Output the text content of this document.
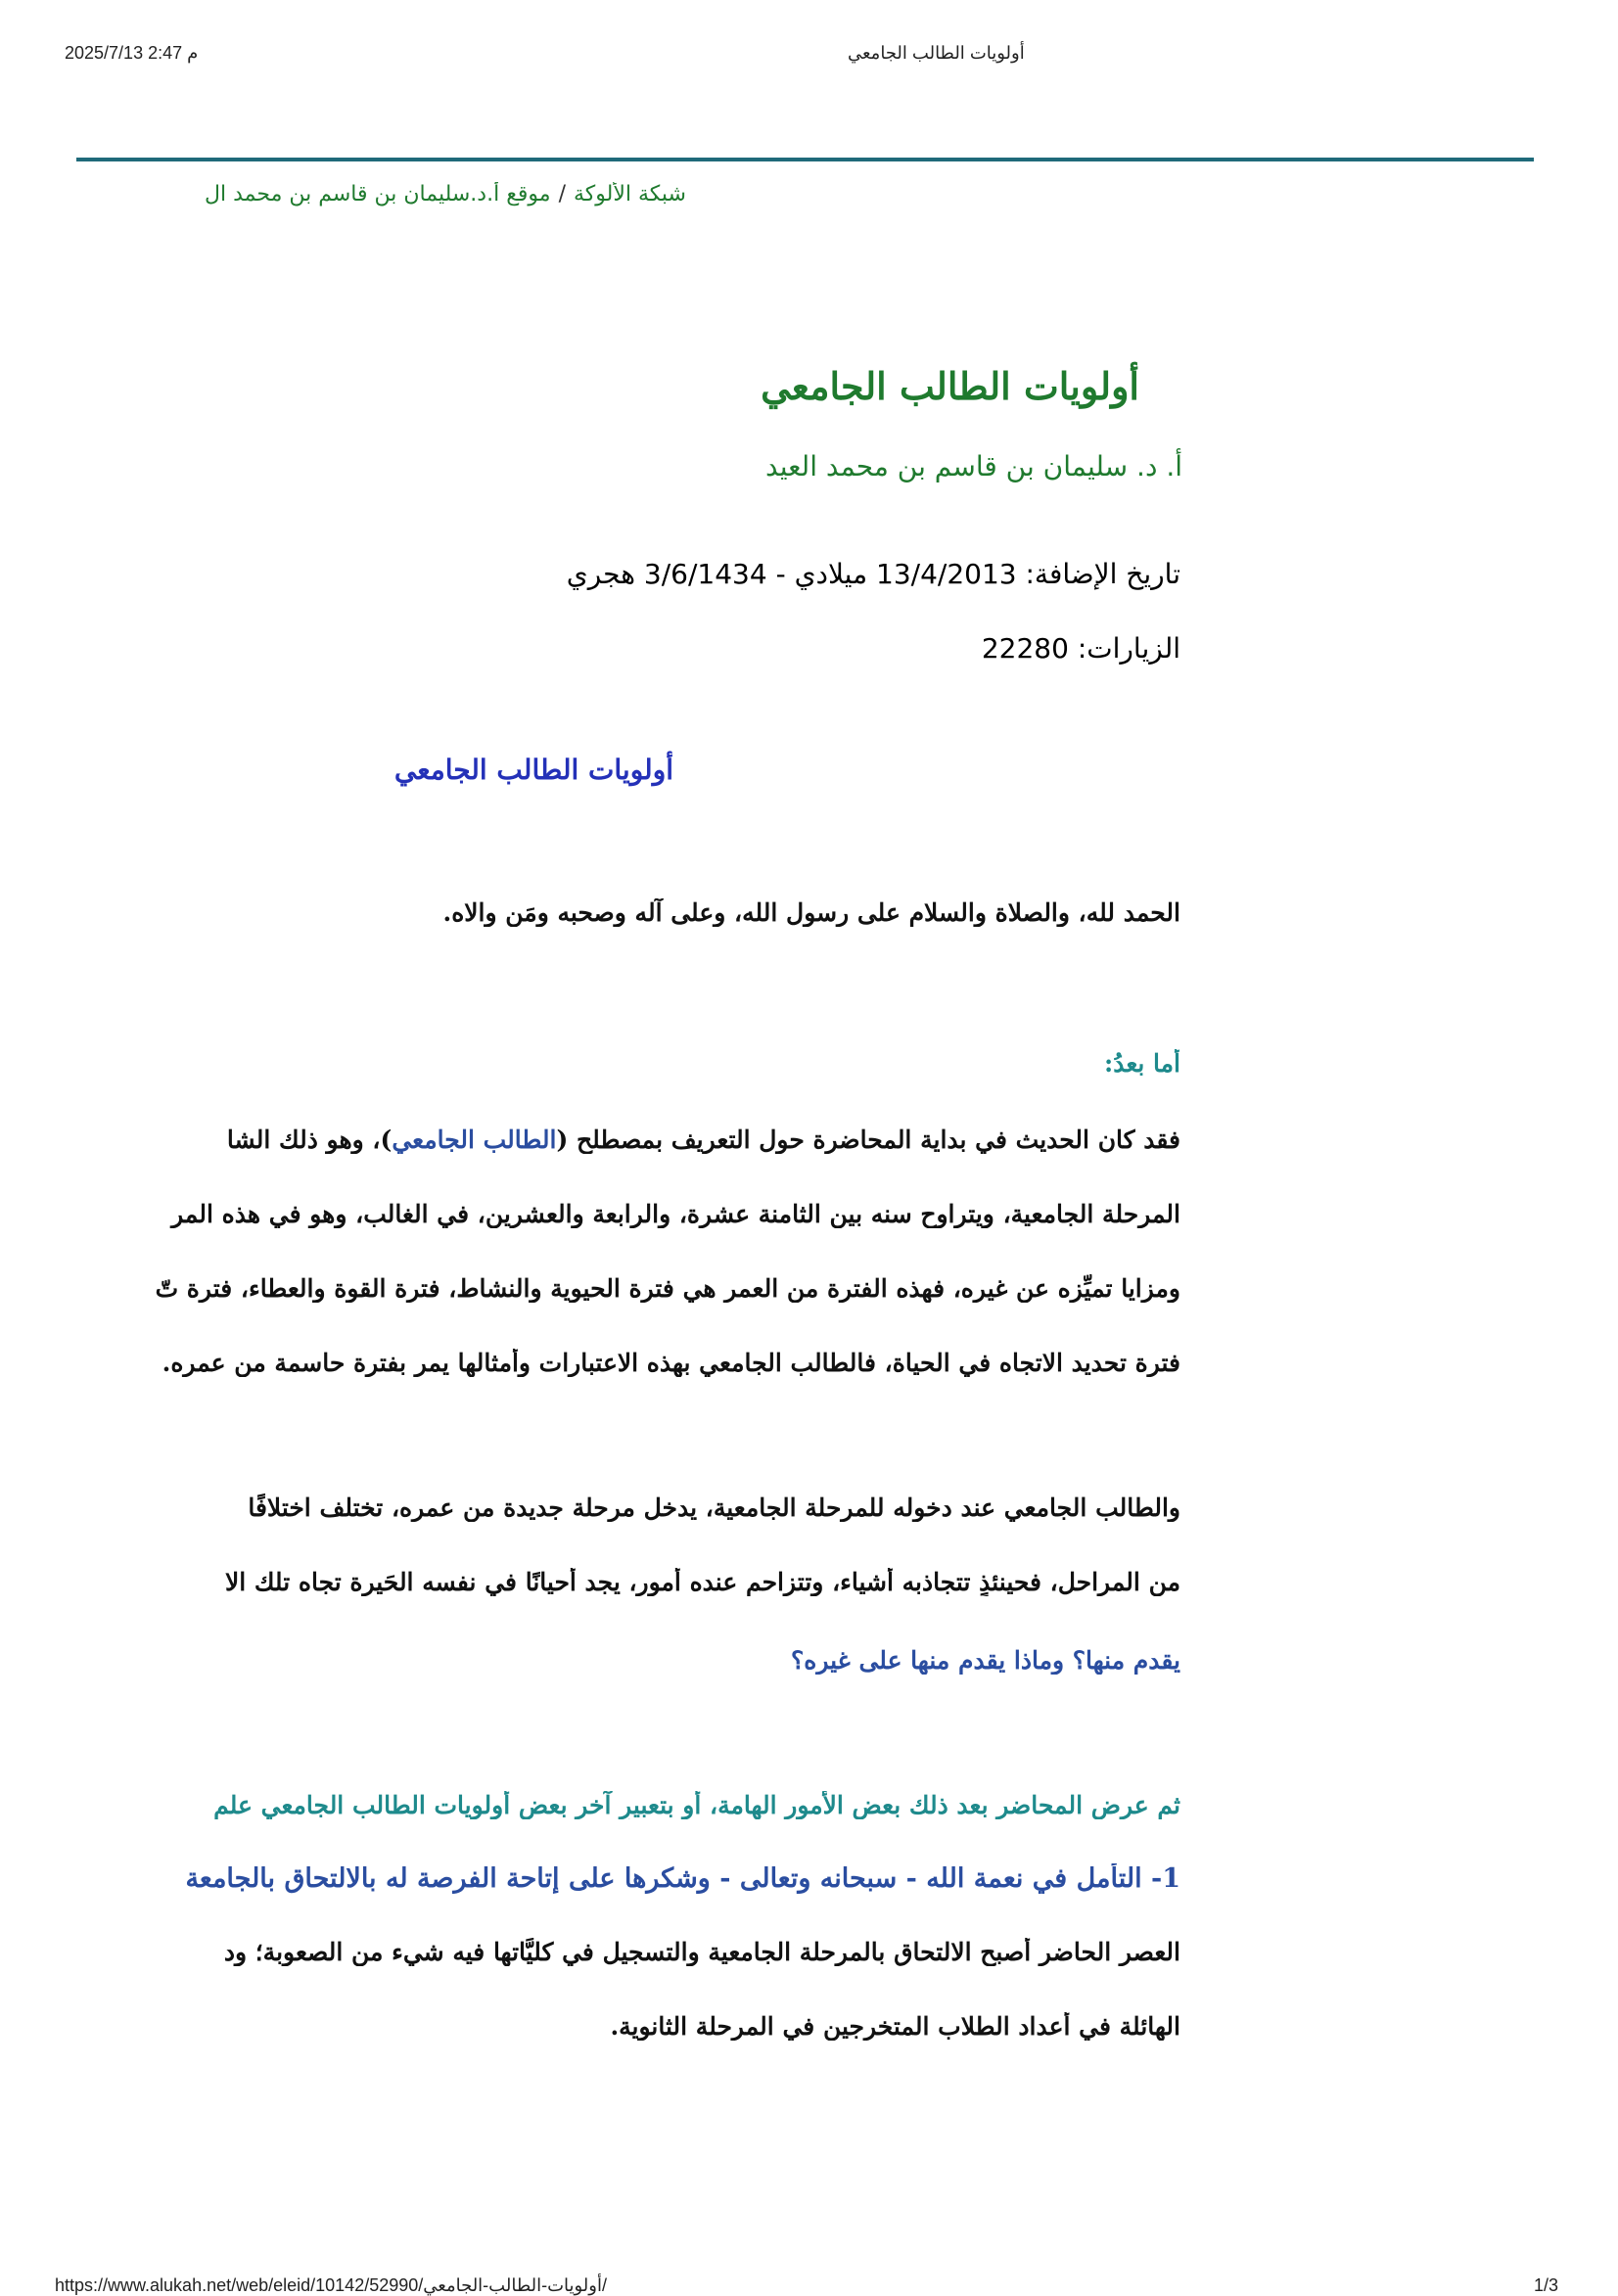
2025/7/13 2:47 م	أولويات الطالب الجامعي
شبكة الألوكة/موقع أ.د.سليمان بن قاسم بن محمد ال
أولويات الطالب الجامعي
أ. د. سليمان بن قاسم بن محمد العيد
تاريخ الإضافة: 13/4/2013 ميلادي - 3/6/1434 هجري
الزيارات: 22280
أولويات الطالب الجامعي
الحمد لله، والصلاة والسلام على رسول الله، وعلى آله وصحبه ومَن والاه.
أما بعدُ:
فقد كان الحديث في بداية المحاضرة حول التعريف بمصطلح (الطالب الجامعي)، وهو ذلك الشا
المرحلة الجامعية، ويتراوح سنه بين الثامنة عشرة، والرابعة والعشرين، في الغالب، وهو في هذه المر
ومزايا تميِّزه عن غيره، فهذه الفترة من العمر هي فترة الحيوية والنشاط، فترة القوة والعطاء، فترة تّ
فترة تحديد الاتجاه في الحياة، فالطالب الجامعي بهذه الاعتبارات وأمثالها يمر بفترة حاسمة من عمره.
والطالب الجامعي عند دخوله للمرحلة الجامعية، يدخل مرحلة جديدة من عمره، تختلف اختلافًا
من المراحل، فحينئذٍ تتجاذبه أشياء، وتتزاحم عنده أمور، يجد أحيانًا في نفسه الحَيرة تجاه تلك الا
يقدم منها؟ وماذا يقدم منها على غيره؟
ثم عرض المحاضر بعد ذلك بعض الأمور الهامة، أو بتعبيرٍ آخر بعض أولويات الطالب الجامعي علم
1- التأمل في نعمة الله - سبحانه وتعالى - وشكرها على إتاحة الفرصة له بالالتحاق بالجامعة
العصر الحاضر أصبح الالتحاق بالمرحلة الجامعية والتسجيل في كليَّاتها فيه شيء من الصعوبة؛ ود
الهائلة في أعداد الطلاب المتخرجين في المرحلة الثانوية.
https://www.alukah.net/web/eleid/10142/52990/أولويات-الطالب-الجامعي/	1/3
